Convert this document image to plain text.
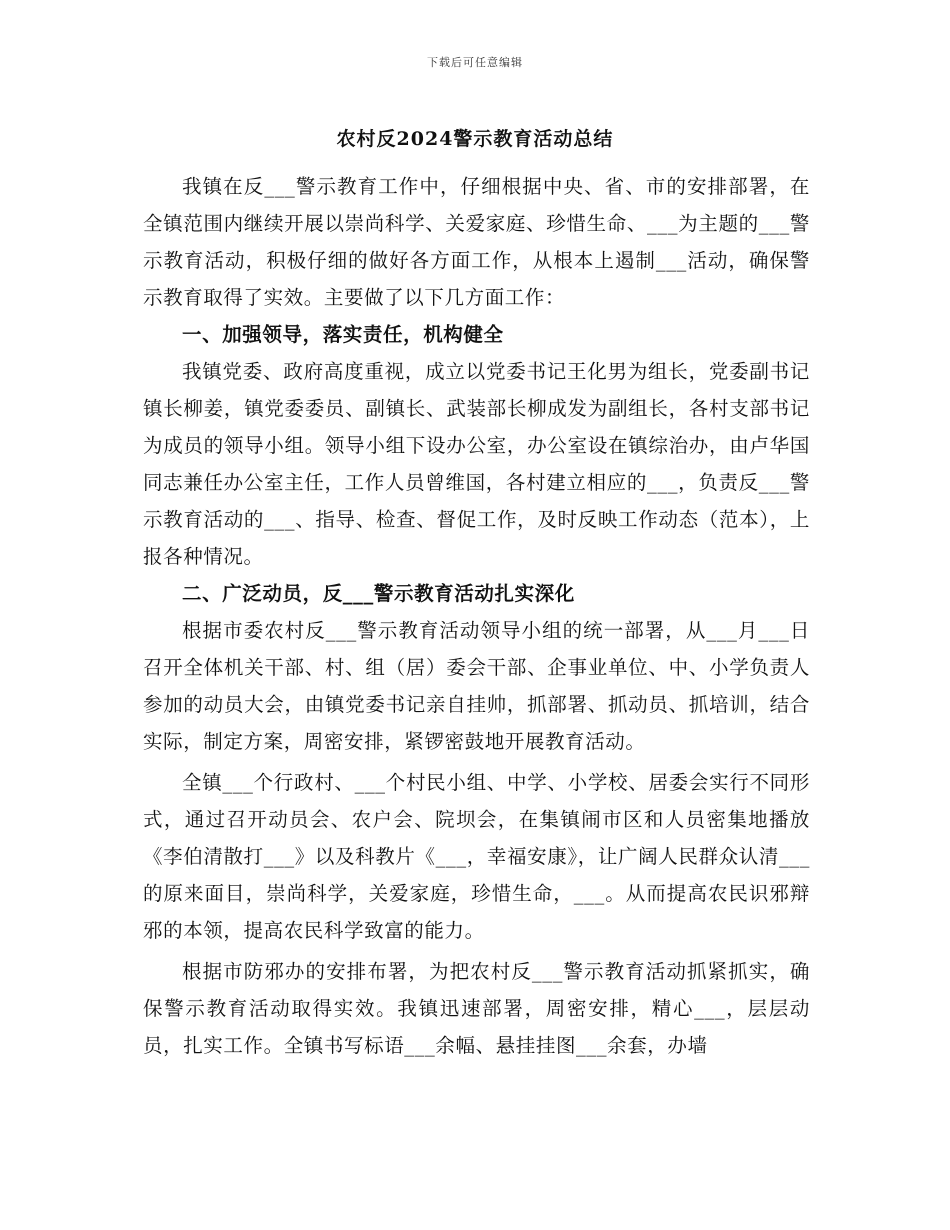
下载后可任意编辑
农村反2024警示教育活动总结

我镇在反___警示教育工作中，仔细根据中央、省、市的安排部署，在全镇范围内继续开展以崇尚科学、关爱家庭、珍惜生命、___为主题的___警示教育活动，积极仔细的做好各方面工作，从根本上遏制___活动，确保警示教育取得了实效。主要做了以下几方面工作：

一、加强领导，落实责任，机构健全

我镇党委、政府高度重视，成立以党委书记王化男为组长，党委副书记镇长柳姜，镇党委委员、副镇长、武装部长柳成发为副组长，各村支部书记为成员的领导小组。领导小组下设办公室，办公室设在镇综治办，由卢华国同志兼任办公室主任，工作人员曾维国，各村建立相应的___，负责反___警示教育活动的___、指导、检查、督促工作，及时反映工作动态（范本），上报各种情况。

二、广泛动员，反___警示教育活动扎实深化

根据市委农村反___警示教育活动领导小组的统一部署，从___月___日召开全体机关干部、村、组（居）委会干部、企事业单位、中、小学负责人参加的动员大会，由镇党委书记亲自挂帅，抓部署、抓动员、抓培训，结合实际，制定方案，周密安排，紧锣密鼓地开展教育活动。

全镇___个行政村、___个村民小组、中学、小学校、居委会实行不同形式，通过召开动员会、农户会、院坝会，在集镇闹市区和人员密集地播放《李伯清散打___》以及科教片《___，幸福安康》，让广阔人民群众认清___的原来面目，崇尚科学，关爱家庭，珍惜生命，___。从而提高农民识邪辩邪的本领，提高农民科学致富的能力。

根据市防邪办的安排布署，为把农村反___警示教育活动抓紧抓实，确保警示教育活动取得实效。我镇迅速部署，周密安排，精心___，层层动员，扎实工作。全镇书写标语___余幅、悬挂挂图___余套，办墙
